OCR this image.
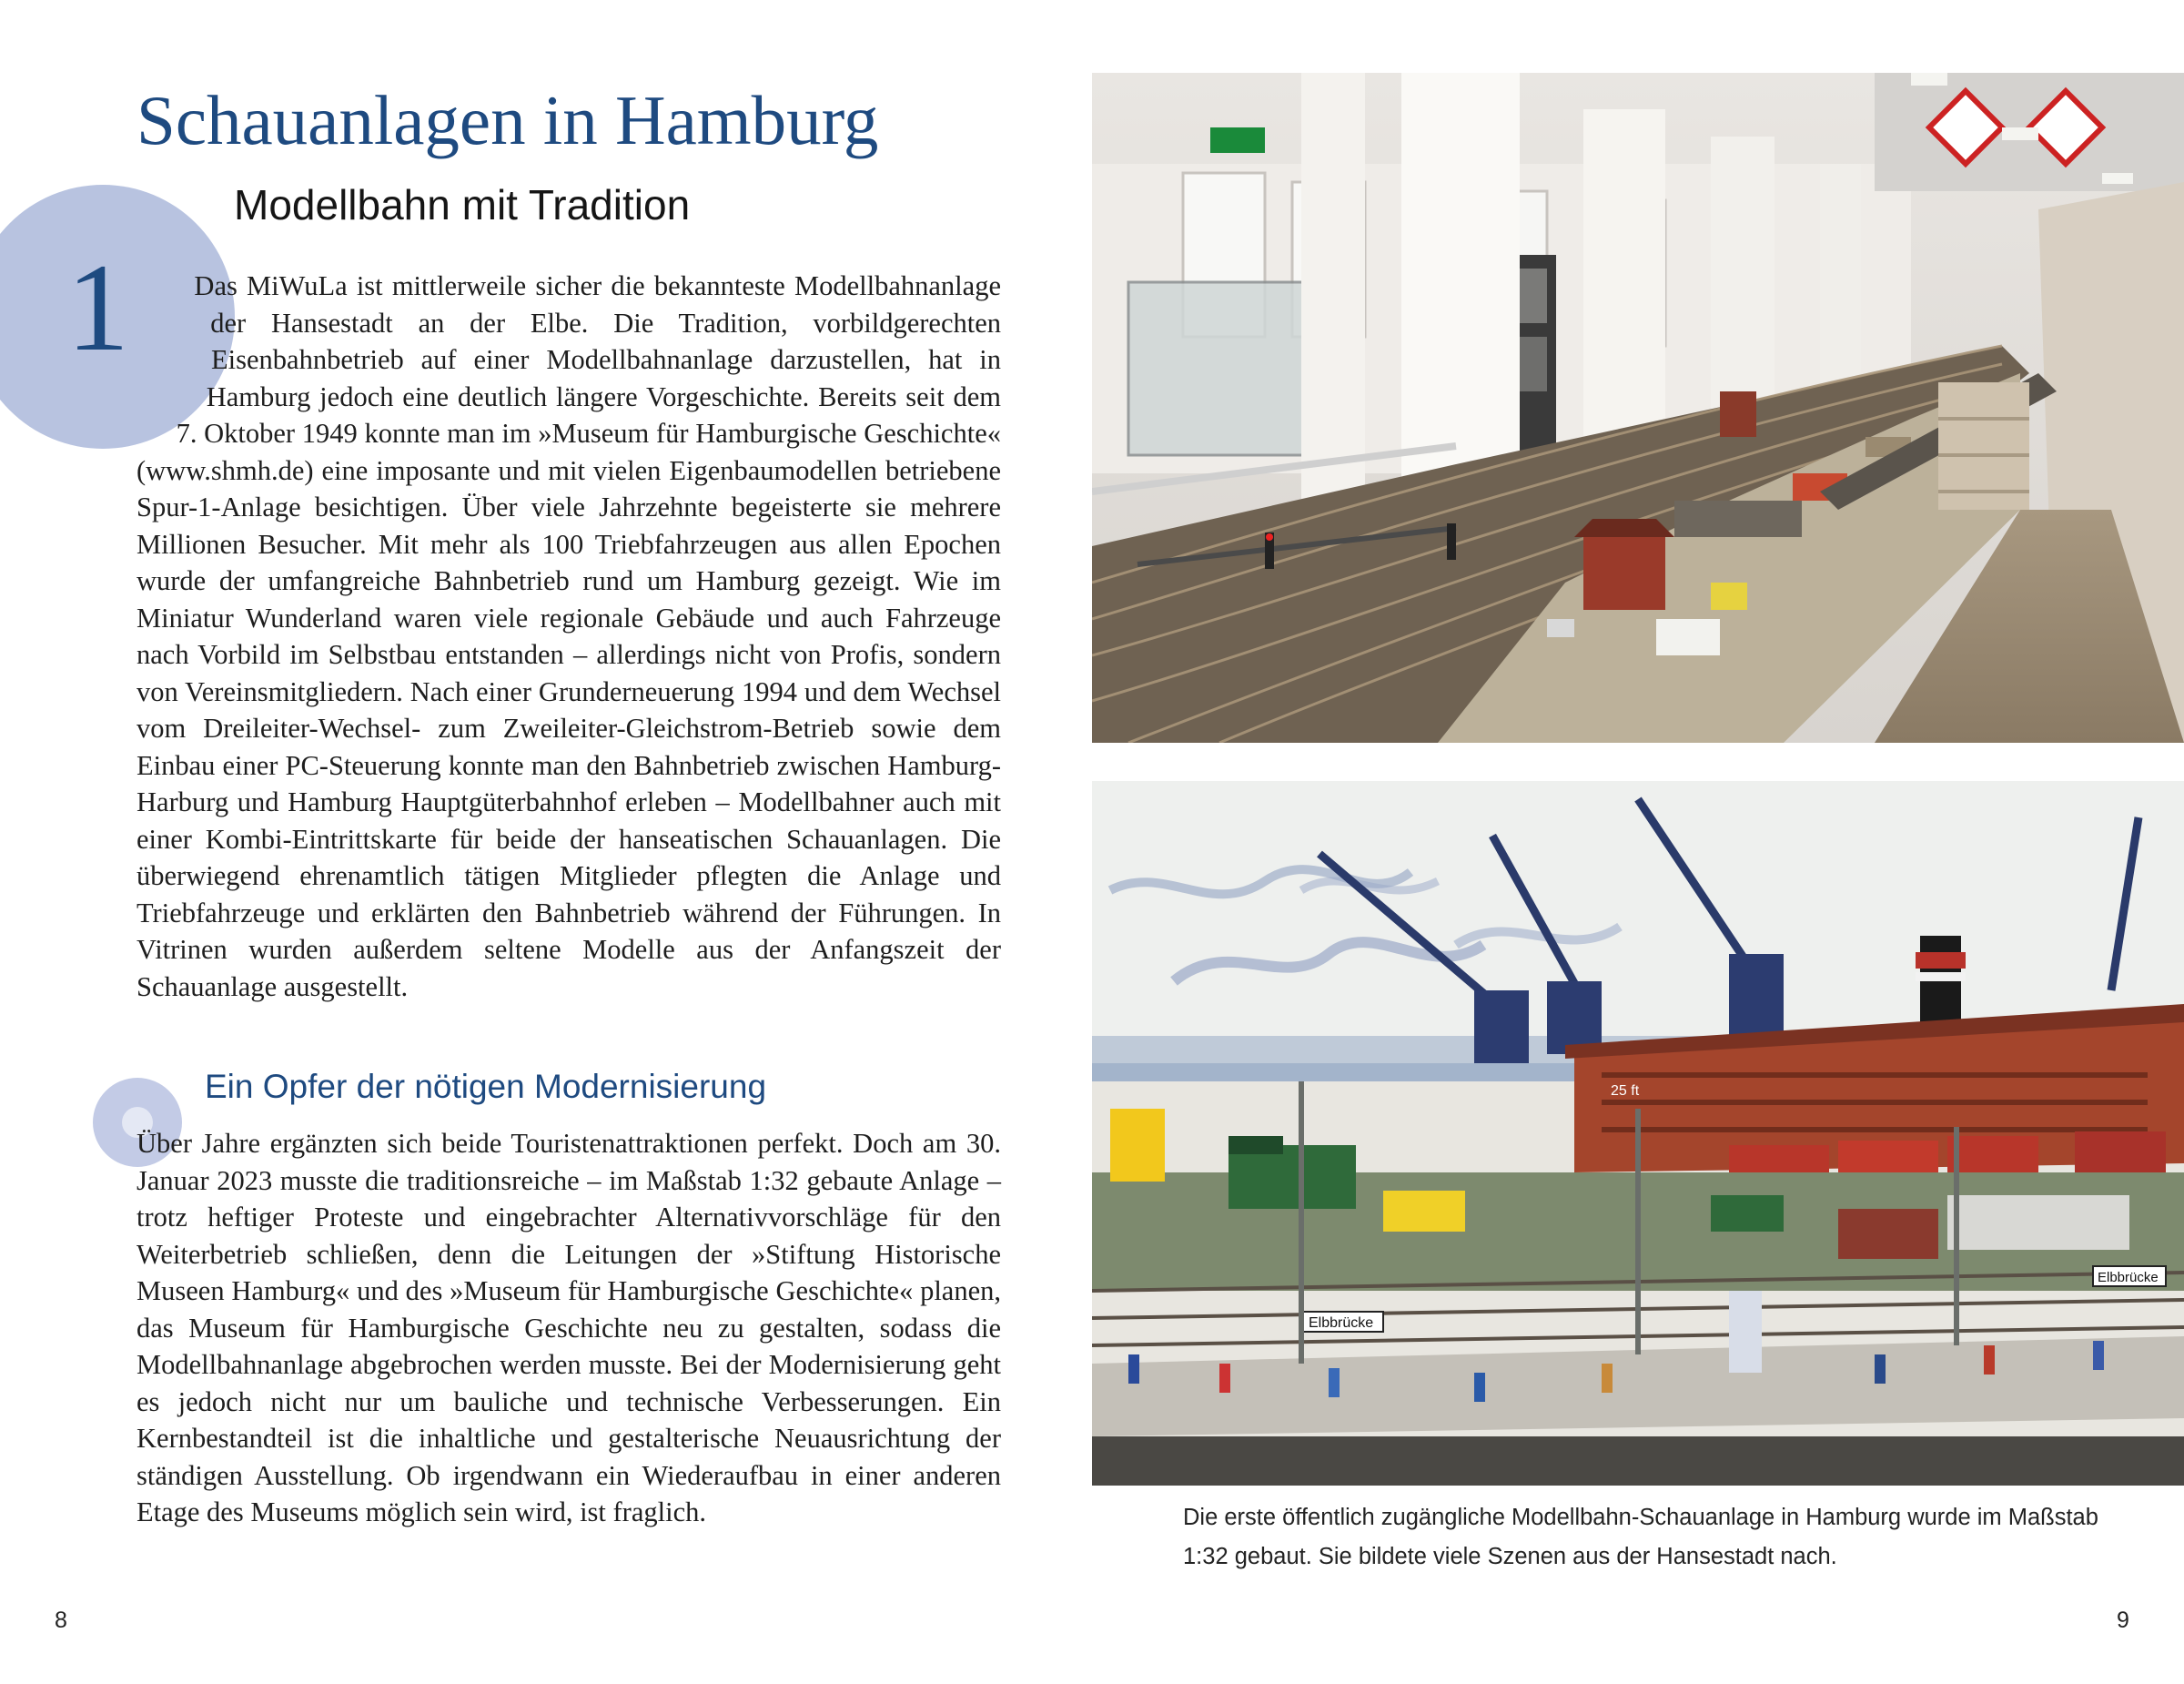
1
Schauanlagen in Hamburg
Modellbahn mit Tradition

Das MiWuLa ist mittlerweile sicher die bekannteste Modellbahnanlage der Hansestadt an der Elbe. Die Tradition, vorbildgerechten Eisenbahnbetrieb auf einer Modellbahnanlage darzustellen, hat in Hamburg jedoch eine deutlich längere Vorgeschichte. Bereits seit dem 7. Oktober 1949 konnte man im »Museum für Hamburgische Geschichte« (www.shmh.de) eine imposante und mit vielen Eigenbaumodellen betriebene Spur-1-Anlage besichtigen. Über viele Jahrzehnte begeisterte sie mehrere Millionen Besucher. Mit mehr als 100 Triebfahrzeugen aus allen Epochen wurde der umfangreiche Bahnbetrieb rund um Hamburg gezeigt. Wie im Miniatur Wunderland waren viele regionale Gebäude und auch Fahrzeuge nach Vorbild im Selbstbau entstanden – allerdings nicht von Profis, sondern von Vereinsmitgliedern. Nach einer Grunderneuerung 1994 und dem Wechsel vom Dreileiter-Wechsel- zum Zweileiter-Gleichstrom-Betrieb sowie dem Einbau einer PC-Steuerung konnte man den Bahnbetrieb zwischen Hamburg-Harburg und Hamburg Hauptgüterbahnhof erleben – Modellbahner auch mit einer Kombi-Eintrittskarte für beide der hanseatischen Schauanlagen. Die überwiegend ehrenamtlich tätigen Mitglieder pflegten die Anlage und Triebfahrzeuge und erklärten den Bahnbetrieb während der Führungen. In Vitrinen wurden außerdem seltene Modelle aus der Anfangszeit der Schauanlage ausgestellt.

Ein Opfer der nötigen Modernisierung

Über Jahre ergänzten sich beide Touristenattraktionen perfekt. Doch am 30. Januar 2023 musste die traditionsreiche – im Maßstab 1:32 gebaute Anlage – trotz heftiger Proteste und eingebrachter Alternativvorschläge für den Weiterbetrieb schließen, denn die Leitungen der »Stiftung Historische Museen Hamburg« und des »Museum für Hamburgische Geschichte« planen, das Museum für Hamburgische Geschichte neu zu gestalten, sodass die Modellbahnanlage abgebrochen werden musste. Bei der Modernisierung geht es jedoch nicht nur um bauliche und technische Verbesserungen. Ein Kernbestandteil ist die inhaltliche und gestalterische Neuausrichtung der ständigen Ausstellung. Ob irgendwann ein Wiederaufbau in einer anderen Etage des Museums möglich sein wird, ist fraglich.

8
25 ft
Elbbrücke
Elbbrücke

Die erste öffentlich zugängliche Modellbahn-Schauanlage in Hamburg wurde im Maßstab 1:32 gebaut. Sie bildete viele Szenen aus der Hansestadt nach.

9
